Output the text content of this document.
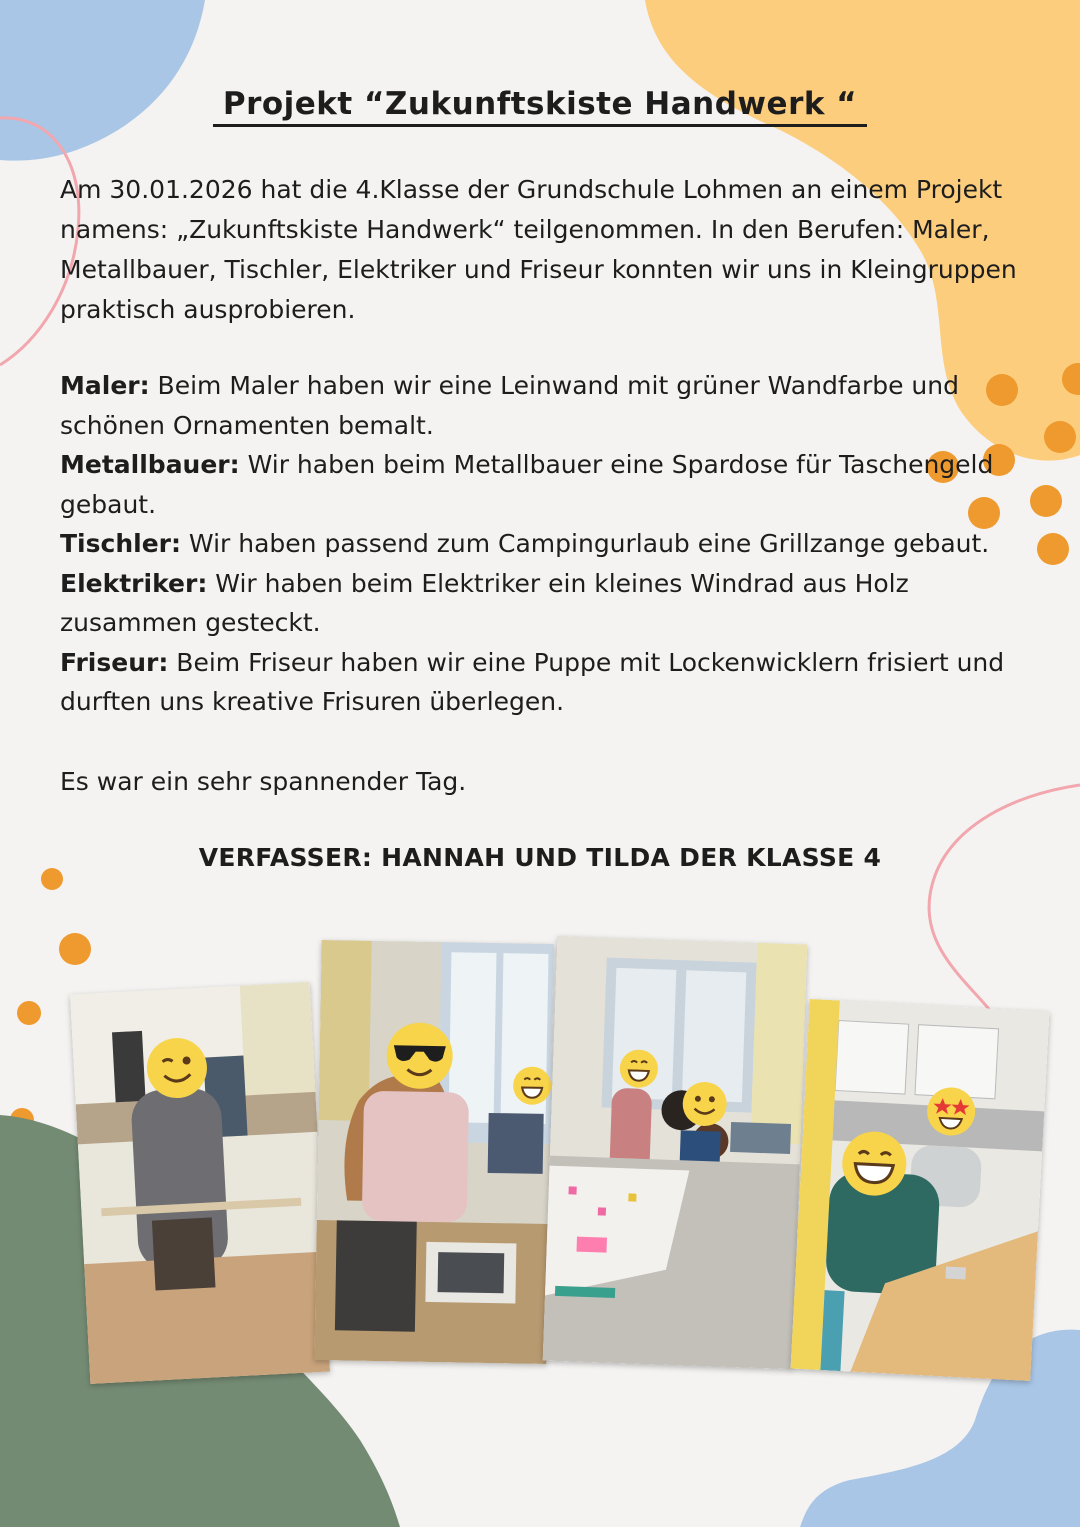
Projekt “Zukunftskiste Handwerk “

Am 30.01.2026 hat die 4.Klasse der Grundschule Lohmen an einem Projekt namens: „Zukunftskiste Handwerk“ teilgenommen. In den Berufen: Maler, Metallbauer, Tischler, Elektriker und Friseur konnten wir uns in Kleingruppen praktisch ausprobieren.

Maler: Beim Maler haben wir eine Leinwand mit grüner Wandfarbe und schönen Ornamenten bemalt.
Metallbauer: Wir haben beim Metallbauer eine Spardose für Taschengeld gebaut.
Tischler: Wir haben passend zum Campingurlaub eine Grillzange gebaut.
Elektriker: Wir haben beim Elektriker ein kleines Windrad aus Holz zusammen gesteckt.
Friseur: Beim Friseur haben wir eine Puppe mit Lockenwicklern frisiert und durften uns kreative Frisuren überlegen.
Es war ein sehr spannender Tag.
VERFASSER: HANNAH UND TILDA DER KLASSE 4
